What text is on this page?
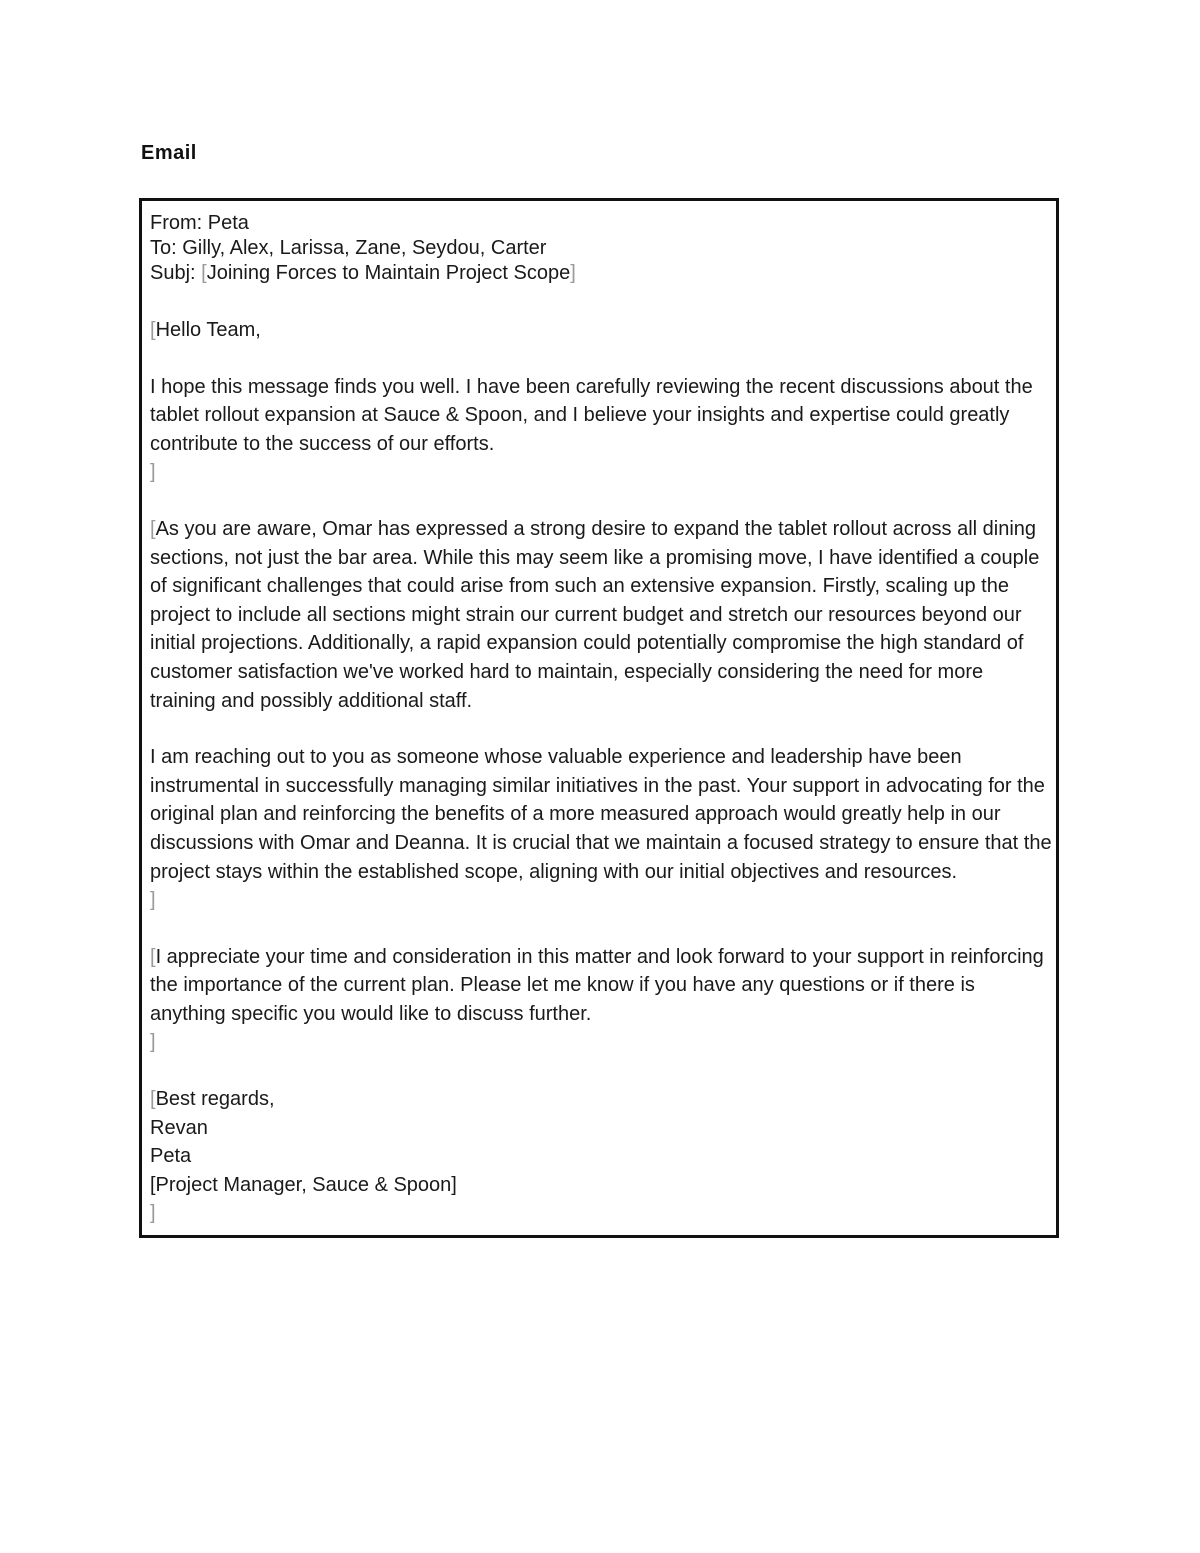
Email
From: Peta
To: Gilly, Alex, Larissa, Zane, Seydou, Carter
Subj: [Joining Forces to Maintain Project Scope]
[Hello Team,

I hope this message finds you well. I have been carefully reviewing the recent discussions about the tablet rollout expansion at Sauce & Spoon, and I believe your insights and expertise could greatly contribute to the success of our efforts.

]

[As you are aware, Omar has expressed a strong desire to expand the tablet rollout across all dining sections, not just the bar area. While this may seem like a promising move, I have identified a couple of significant challenges that could arise from such an extensive expansion. Firstly, scaling up the project to include all sections might strain our current budget and stretch our resources beyond our initial projections. Additionally, a rapid expansion could potentially compromise the high standard of customer satisfaction we've worked hard to maintain, especially considering the need for more training and possibly additional staff.

I am reaching out to you as someone whose valuable experience and leadership have been instrumental in successfully managing similar initiatives in the past. Your support in advocating for the original plan and reinforcing the benefits of a more measured approach would greatly help in our discussions with Omar and Deanna. It is crucial that we maintain a focused strategy to ensure that the project stays within the established scope, aligning with our initial objectives and resources.

]

[I appreciate your time and consideration in this matter and look forward to your support in reinforcing the importance of the current plan. Please let me know if you have any questions or if there is anything specific you would like to discuss further.

]
[Best regards,
Revan
Peta
[Project Manager, Sauce & Spoon]
]
